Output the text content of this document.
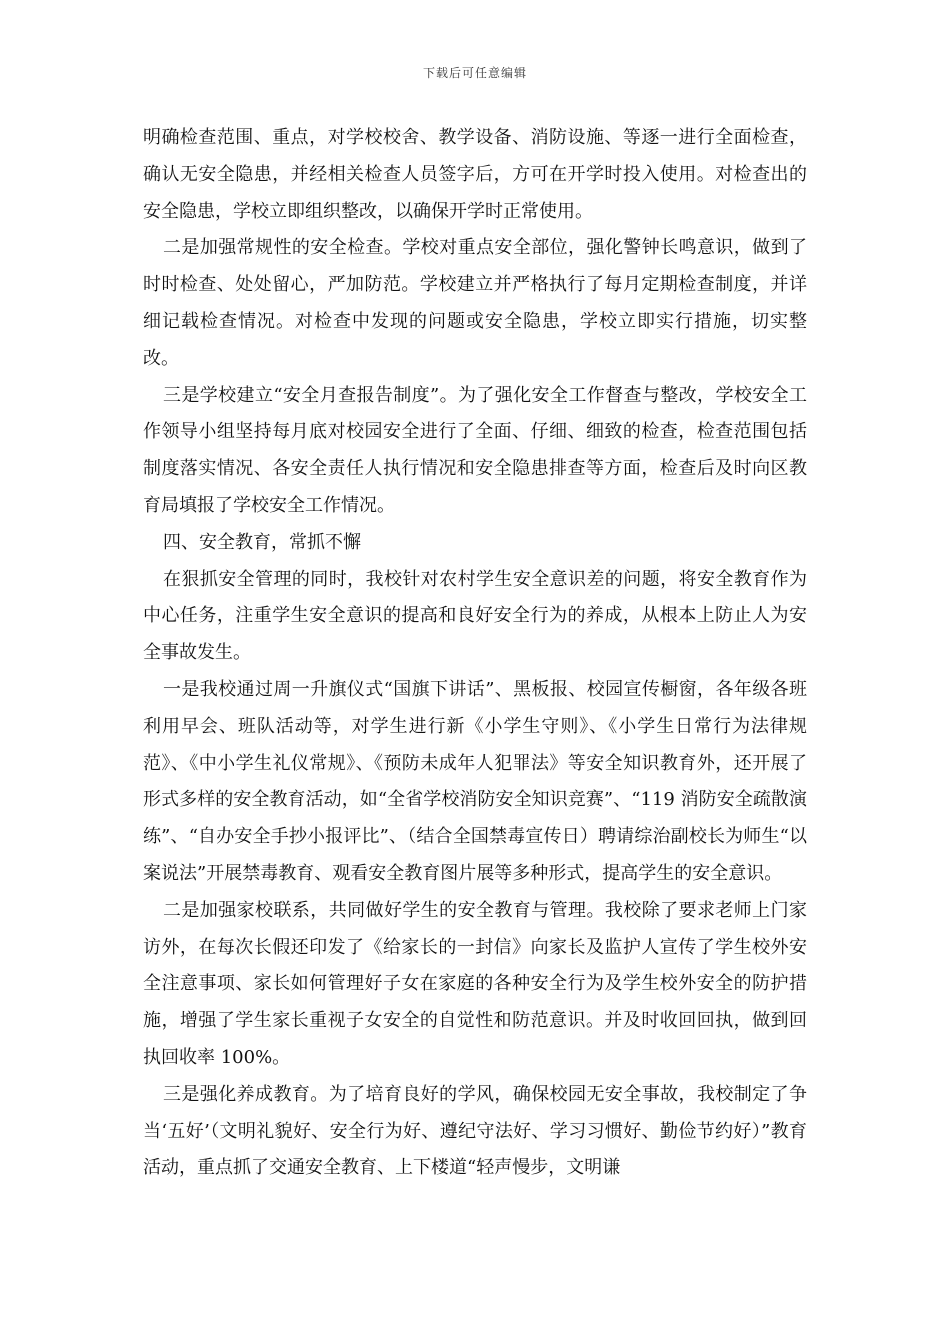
下载后可任意编辑

明确检查范围、重点，对学校校舍、教学设备、消防设施、等逐一进行全面检查，确认无安全隐患，并经相关检查人员签字后，方可在开学时投入使用。对检查出的安全隐患，学校立即组织整改，以确保开学时正常使用。

二是加强常规性的安全检查。学校对重点安全部位，强化警钟长鸣意识，做到了时时检查、处处留心，严加防范。学校建立并严格执行了每月定期检查制度，并详细记载检查情况。对检查中发现的问题或安全隐患，学校立即实行措施，切实整改。

三是学校建立“安全月查报告制度”。为了强化安全工作督查与整改，学校安全工作领导小组坚持每月底对校园安全进行了全面、仔细、细致的检查，检查范围包括制度落实情况、各安全责任人执行情况和安全隐患排查等方面，检查后及时向区教育局填报了学校安全工作情况。

四、安全教育，常抓不懈

在狠抓安全管理的同时，我校针对农村学生安全意识差的问题，将安全教育作为中心任务，注重学生安全意识的提高和良好安全行为的养成，从根本上防止人为安全事故发生。

一是我校通过周一升旗仪式“国旗下讲话”、黑板报、校园宣传橱窗，各年级各班利用早会、班队活动等，对学生进行新《小学生守则》、《小学生日常行为法律规范》、《中小学生礼仪常规》、《预防未成年人犯罪法》等安全知识教育外，还开展了形式多样的安全教育活动，如“全省学校消防安全知识竞赛”、“119 消防安全疏散演练”、“自办安全手抄小报评比”、（结合全国禁毒宣传日）聘请综治副校长为师生“以案说法”开展禁毒教育、观看安全教育图片展等多种形式，提高学生的安全意识。

二是加强家校联系，共同做好学生的安全教育与管理。我校除了要求老师上门家访外，在每次长假还印发了《给家长的一封信》向家长及监护人宣传了学生校外安全注意事项、家长如何管理好子女在家庭的各种安全行为及学生校外安全的防护措施，增强了学生家长重视子女安全的自觉性和防范意识。并及时收回回执，做到回执回收率 100%。

三是强化养成教育。为了培育良好的学风，确保校园无安全事故，我校制定了争当‘五好’（文明礼貌好、安全行为好、遵纪守法好、学习习惯好、勤俭节约好）”教育活动，重点抓了交通安全教育、上下楼道“轻声慢步，文明谦
